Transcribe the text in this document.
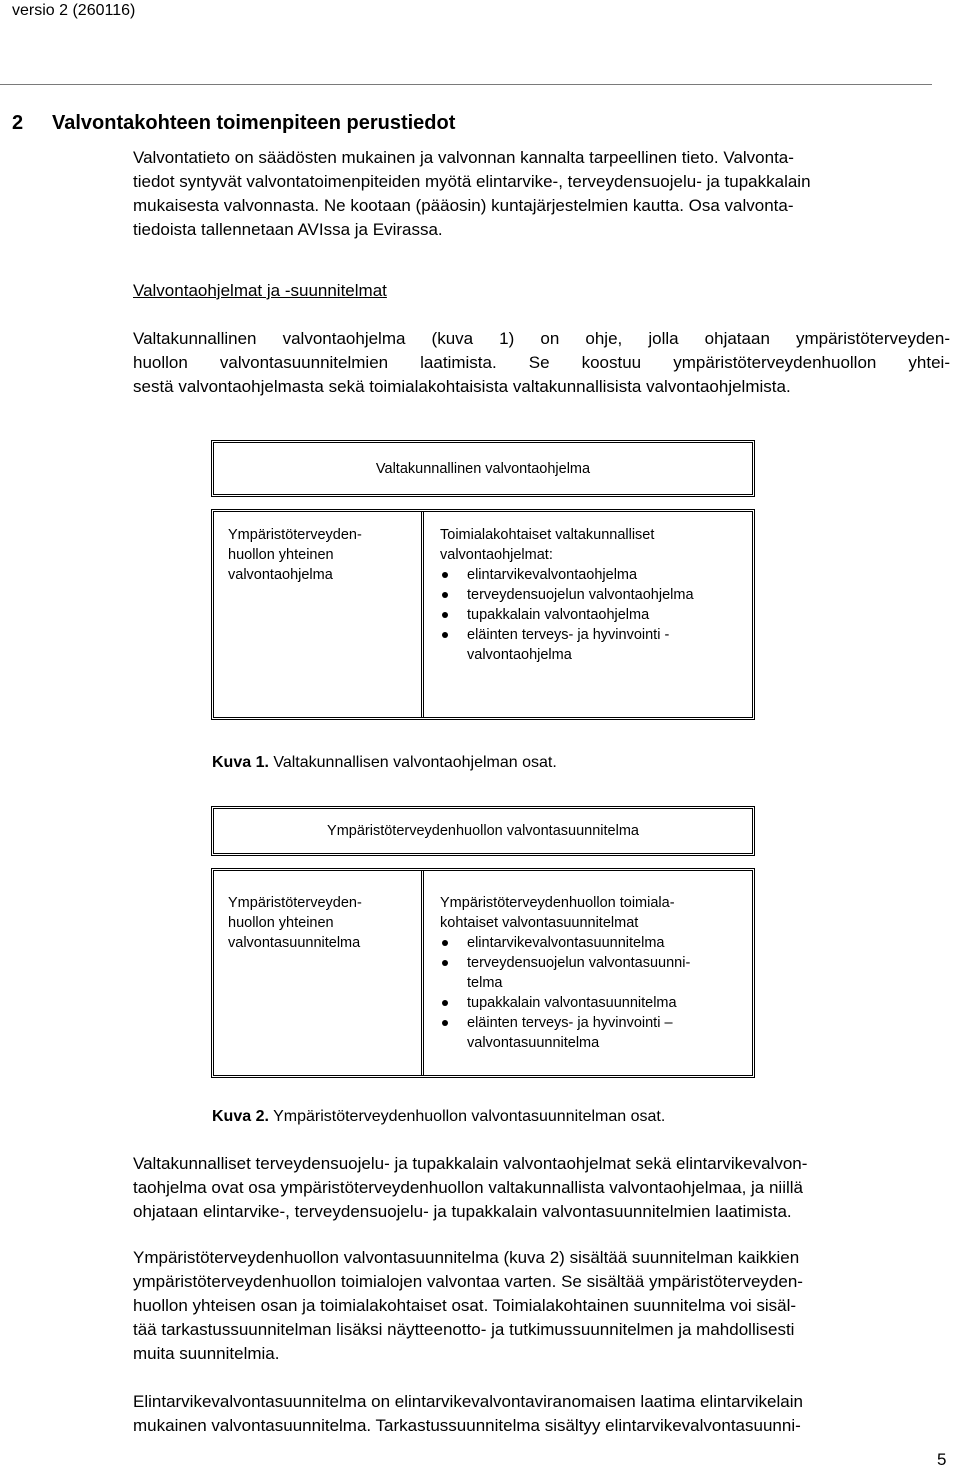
versio 2 (260116)
2 Valvontakohteen toimenpiteen perustiedot
Valvontatieto on säädösten mukainen ja valvonnan kannalta tarpeellinen tieto. Valvonta-
tiedot syntyvät valvontatoimenpiteiden myötä elintarvike-, terveydensuojelu- ja tupakkalain
mukaisesta valvonnasta. Ne kootaan (pääosin) kuntajärjestelmien kautta. Osa valvonta-
tiedoista tallennetaan AVIssa ja Evirassa.
Valvontaohjelmat ja -suunnitelmat
Valtakunnallinen valvontaohjelma (kuva 1) on ohje, jolla ohjataan ympäristöterveyden-
huollon valvontasuunnitelmien laatimista. Se koostuu ympäristöterveydenhuollon yhtei-
sestä valvontaohjelmasta sekä toimialakohtaisista valtakunnallisista valvontaohjelmista.
Valtakunnallinen valvontaohjelma
Ympäristöterveyden-
huollon yhteinen
valvontaohjelma
Toimialakohtaiset valtakunnalliset
valvontaohjelmat:
elintarvikevalvontaohjelma
terveydensuojelun valvontaohjelma
tupakkalain valvontaohjelma
eläinten terveys- ja hyvinvointi -
valvontaohjelma
Kuva 1. Valtakunnallisen valvontaohjelman osat.
Ympäristöterveydenhuollon valvontasuunnitelma
Ympäristöterveyden-
huollon yhteinen
valvontasuunnitelma
Ympäristöterveydenhuollon toimiala-
kohtaiset valvontasuunnitelmat
elintarvikevalvontasuunnitelma
terveydensuojelun valvontasuunni-
telma
tupakkalain valvontasuunnitelma
eläinten terveys- ja hyvinvointi –
valvontasuunnitelma
Kuva 2. Ympäristöterveydenhuollon valvontasuunnitelman osat.
Valtakunnalliset terveydensuojelu- ja tupakkalain valvontaohjelmat sekä elintarvikevalvon-
taohjelma ovat osa ympäristöterveydenhuollon valtakunnallista valvontaohjelmaa, ja niillä
ohjataan elintarvike-, terveydensuojelu- ja tupakkalain valvontasuunnitelmien laatimista.
Ympäristöterveydenhuollon valvontasuunnitelma (kuva 2) sisältää suunnitelman kaikkien
ympäristöterveydenhuollon toimialojen valvontaa varten. Se sisältää ympäristöterveyden-
huollon yhteisen osan ja toimialakohtaiset osat. Toimialakohtainen suunnitelma voi sisäl-
tää tarkastussuunnitelman lisäksi näytteenotto- ja tutkimussuunnitelmen ja mahdollisesti
muita suunnitelmia.
Elintarvikevalvontasuunnitelma on elintarvikevalvontaviranomaisen laatima elintarvikelain
mukainen valvontasuunnitelma. Tarkastussuunnitelma sisältyy elintarvikevalvontasuunni-
5
